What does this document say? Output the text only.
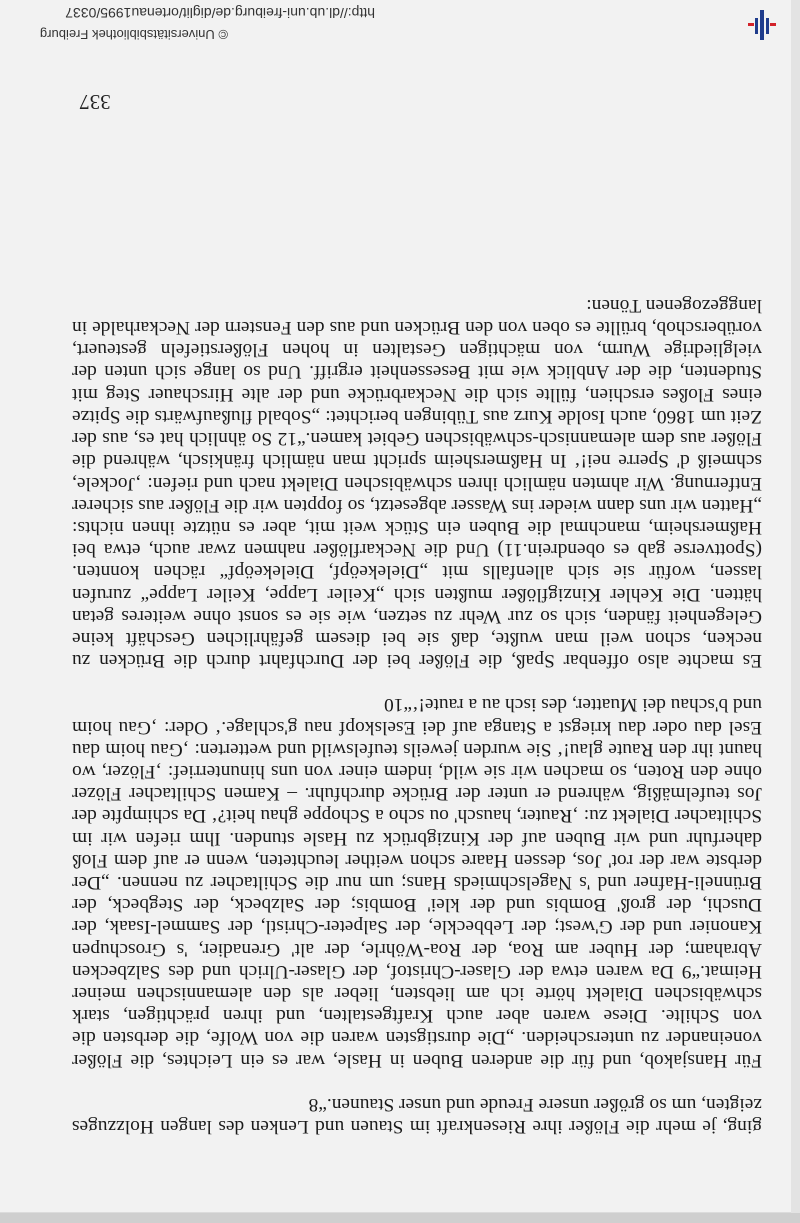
ging, je mehr die Flößer ihre Riesenkraft im Stauen und Lenken des langen Holzzuges zeigten, um so größer unsere Freude und unser Staunen.“8

Für Hansjakob, und für die anderen Buben in Hasle, war es ein Leichtes, die Flößer voneinander zu unterscheiden. „Die durstigsten waren die von Wolfe, die derbsten die von Schilte. Diese waren aber auch Kraftgestalten, und ihren prächtigen, stark schwäbischen Dialekt hörte ich am liebsten, lieber als den alemannischen meiner Heimat.“9 Da waren etwa der Glaser-Christof, der Glaser-Ulrich und des Salzbecken Abraham; der Huber am Roa, der Roa-Wöhrle, der alt' Grenadier, 's Groschupen Kanonier und der G'west; der Lebbeckle, der Salpeter-Christl, der Sammel-Isaak, der Duschi, der groß' Bombis und der klei' Bombis; der Salzbeck, der Stegbeck, der Brünneli-Hafner und 's Nagelschmieds Hans; um nur die Schiltacher zu nennen. „Der derbste war der rot' Jos, dessen Haare schon weither leuchteten, wenn er auf dem Floß daherfuhr und wir Buben auf der Kinzigbrück zu Hasle stunden. Ihm riefen wir im Schiltacher Dialekt zu: ‚Rauter, hausch' ou scho a Schoppe ghau heit?‘ Da schimpfte der Jos teufelmäßig, während er unter der Brücke durchfuhr. – Kamen Schiltacher Flözer ohne den Roten, so machen wir sie wild, indem einer von uns hinunterrief: ‚Flözer, wo haunt ihr den Raute glau!‘ Sie wurden jeweils teufelswild und wetterten: ‚Gau hoim dau Esel dau oder dau kriegst a Stanga auf dei Eselskopf nau g'schlage.‘ Oder: ‚Gau hoim und b'schau dei Muatter, des isch au a raute!‘“10

Es machte also offenbar Spaß, die Flößer bei der Durchfahrt durch die Brücken zu necken, schon weil man wußte, daß sie bei diesem gefährlichen Geschäft keine Gelegenheit fänden, sich so zur Wehr zu setzen, wie sie es sonst ohne weiteres getan hätten. Die Kehler Kinzigflößer mußten sich „Keiler Lappe, Keiler Lappe“ zurufen lassen, wofür sie sich allenfalls mit „Dielekeöpf, Dielekeöpf“ rächen konnten. (Spottverse gab es obendrein.11) Und die Neckarflößer nahmen zwar auch, etwa bei Haßmersheim, manchmal die Buben ein Stück weit mit, aber es nützte ihnen nichts: „Hatten wir uns dann wieder ins Wasser abgesetzt, so foppten wir die Flößer aus sicherer Entfernung. Wir ahmten nämlich ihren schwäbischen Dialekt nach und riefen: ‚Jockele, schmeiß d' Sperre nei!‘ In Haßmersheim spricht man nämlich fränkisch, während die Flößer aus dem alemannisch-schwäbischen Gebiet kamen.“12 So ähnlich hat es, aus der Zeit um 1860, auch Isolde Kurz aus Tübingen berichtet: „Sobald flußaufwärts die Spitze eines Floßes erschien, füllte sich die Neckarbrücke und der alte Hirschauer Steg mit Studenten, die der Anblick wie mit Besessenheit ergriff. Und so lange sich unten der vielgliedrige Wurm, von mächtigen Gestalten in hohen Flößerstiefeln gesteuert, vorüberschob, brüllte es oben von den Brücken und aus den Fenstern der Neckarhalde in langgezogenen Tönen:

337
http://dl.ub.uni-freiburg.de/diglit/ortenau1995/0337
© Universitätsbibliothek Freiburg
